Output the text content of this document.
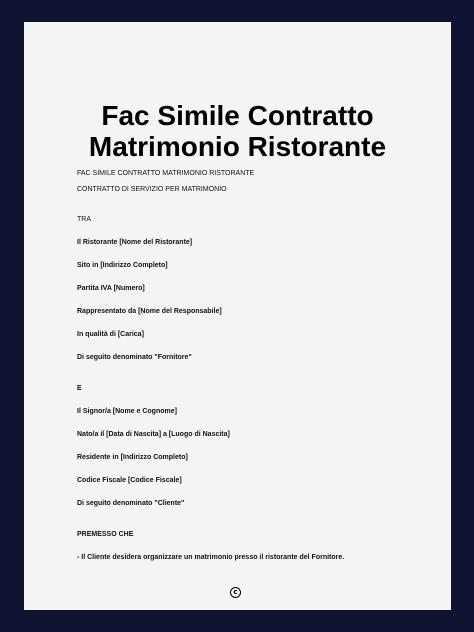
Fac Simile Contratto
Matrimonio Ristorante

FAC SIMILE CONTRATTO MATRIMONIO RISTORANTE

CONTRATTO DI SERVIZIO PER MATRIMONIO

TRA

Il Ristorante [Nome del Ristorante]

Sito in [Indirizzo Completo]

Partita IVA [Numero]

Rappresentato da [Nome del Responsabile]

In qualità di [Carica]

Di seguito denominato "Fornitore"

E

Il Signor/a [Nome e Cognome]

Nato/a il [Data di Nascita] a [Luogo di Nascita]

Residente in [Indirizzo Completo]

Codice Fiscale [Codice Fiscale]

Di seguito denominato "Cliente"

PREMESSO CHE

- Il Cliente desidera organizzare un matrimonio presso il ristorante del Fornitore.

c
